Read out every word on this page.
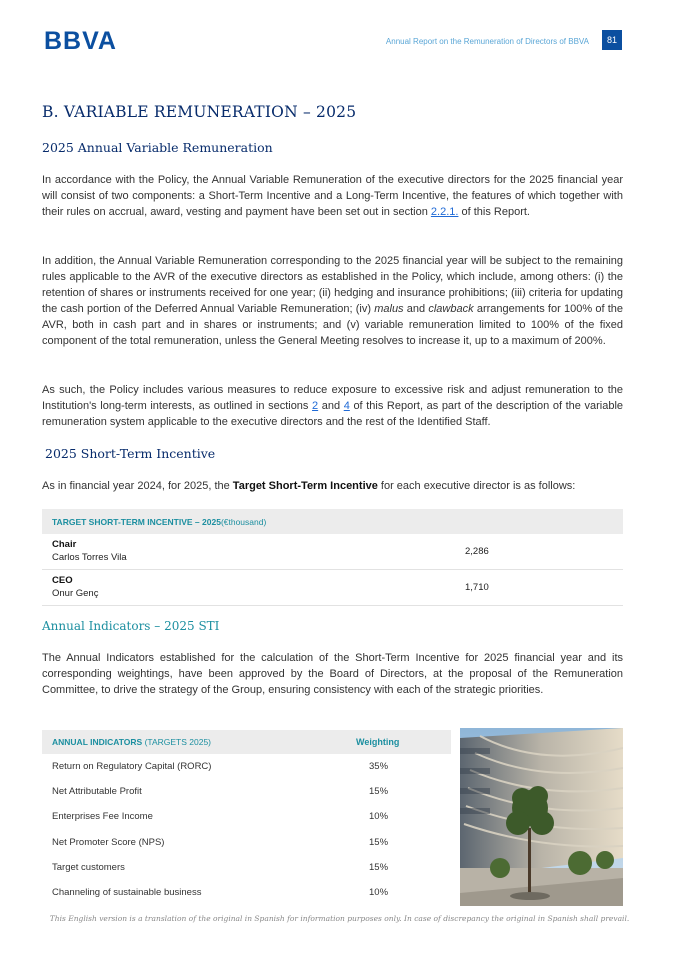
BBVA	Annual Report on the Remuneration of Directors of BBVA	81
B. VARIABLE REMUNERATION – 2025
2025 Annual Variable Remuneration

In accordance with the Policy, the Annual Variable Remuneration of the executive directors for the 2025 financial year will consist of two components: a Short-Term Incentive and a Long-Term Incentive, the features of which together with their rules on accrual, award, vesting and payment have been set out in section 2.2.1. of this Report.

In addition, the Annual Variable Remuneration corresponding to the 2025 financial year will be subject to the remaining rules applicable to the AVR of the executive directors as established in the Policy, which include, among others: (i) the retention of shares or instruments received for one year; (ii) hedging and insurance prohibitions; (iii) criteria for updating the cash portion of the Deferred Annual Variable Remuneration; (iv) malus and clawback arrangements for 100% of the AVR, both in cash part and in shares or instruments; and (v) variable remuneration limited to 100% of the fixed component of the total remuneration, unless the General Meeting resolves to increase it, up to a maximum of 200%.

As such, the Policy includes various measures to reduce exposure to excessive risk and adjust remuneration to the Institution's long-term interests, as outlined in sections 2 and 4 of this Report, as part of the description of the variable remuneration system applicable to the executive directors and the rest of the Identified Staff.

2025 Short-Term Incentive

As in financial year 2024, for 2025, the Target Short-Term Incentive for each executive director is as follows:

TARGET SHORT-TERM INCENTIVE – 2025 (€thousand)
Chair
Carlos Torres Vila	2,286
CEO
Onur Genç	1,710
Annual Indicators – 2025 STI

The Annual Indicators established for the calculation of the Short-Term Incentive for 2025 financial year and its corresponding weightings, have been approved by the Board of Directors, at the proposal of the Remuneration Committee, to drive the strategy of the Group, ensuring consistency with each of the strategic priorities.

ANNUAL INDICATORS (TARGETS 2025)	Weighting
Return on Regulatory Capital (RORC)	35%
Net Attributable Profit	15%
Enterprises Fee Income	10%
Net Promoter Score (NPS)	15%
Target customers	15%
Channeling of sustainable business	10%
This English version is a translation of the original in Spanish for information purposes only. In case of discrepancy the original in Spanish shall prevail.
